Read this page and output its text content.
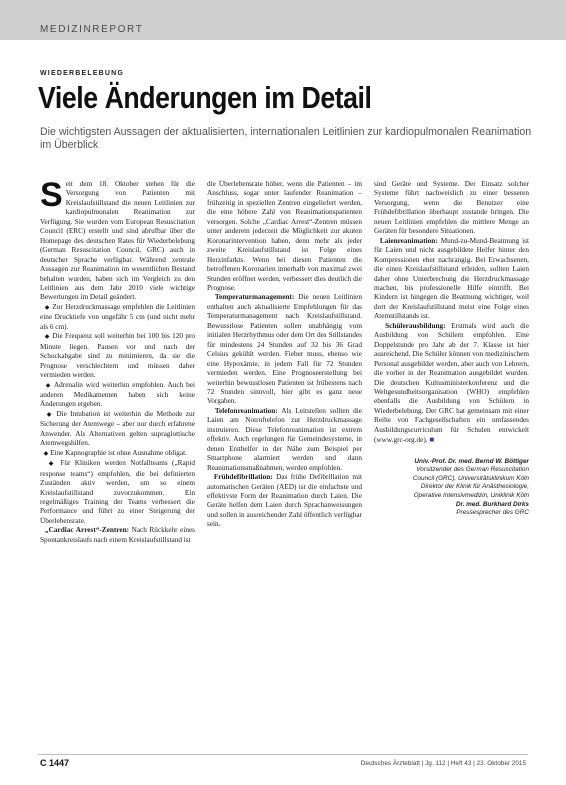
MEDIZINREPORT
WIEDERBELEBUNG
Viele Änderungen im Detail
Die wichtigsten Aussagen der aktualisierten, internationalen Leitlinien zur kardiopulmonalen Reanimation im Überblick

Seit dem 18. Oktober stehen für die Versorgung von Patienten mit Kreislaufstillstand die neuen Leitlinien zur kardiopulmonalen Reanimation zur Verfügung. Sie wurden vom European Resuscitation Council (ERC) erstellt und sind abrufbar über die Homepage des deutschen Rates für Wiederbelebung (German Resuscitation Council, GRC) auch in deutscher Sprache verfügbar. Während zentrale Aussagen zur Reanimation im wesentlichen Bestand behalten wurden, haben sich im Vergleich zu den Leitlinien aus dem Jahr 2010 viele wichtige Bewertungen im Detail geändert.

◆ Zur Herzdruckmassage empfehlen die Leitlinien eine Drucktiefe von ungefähr 5 cm (und nicht mehr als 6 cm).

◆ Die Frequenz soll weiterhin bei 100 bis 120 pro Minute liegen. Pausen vor und nach der Schockabgabe sind zu minimieren, da sie die Prognose verschlechtern und müssen daher vermieden werden.

◆ Adrenalin wird weiterhin empfohlen. Auch bei anderen Medikamenten haben sich keine Änderungen ergeben.

◆ Die Intubation ist weiterhin die Methode zur Sicherung der Atemwege – aber nur durch erfahrene Anwender. Als Alternativen gelten supraglottische Atemwegshilfen.

◆ Eine Kapnographie ist ohne Ausnahme obligat.

◆ Für Kliniken werden Notfallteams („Rapid response teams“) empfohlen, die bei definierten Zuständen aktiv werden, um so einem Kreislaufstillstand zuvorzukommen. Ein regelmäßiges Training der Teams verbessert die Performance und führt zu einer Steigerung der Überlebensrate.

„Cardiac Arrest“-Zentren: Nach Rückkehr eines Spontankreislaufs nach einem Kreislaufstillstand ist

die Überlebensrate höher, wenn die Patienten – im Anschluss, sogar unter laufender Reanimation – frühzeitig in speziellen Zentren eingeliefert werden, die eine höhere Zahl von Reanimationspatienten versorgen. Solche „Cardiac Arrest“-Zentren müssen unter anderem jederzeit die Möglichkeit zur akuten Koronarintervention haben, denn mehr als jeder zweite Kreislaufstillstand ist Folge eines Herzinfarkts. Wenn bei diesen Patienten die betroffenen Koronarien innerhalb von maximal zwei Stunden eröffnet werden, verbessert dies deutlich die Prognose.

Temperaturmanagement: Die neuen Leitlinien enthalten auch aktualisierte Empfehlungen für das Temperaturmanagement nach Kreislaufstillstand. Bewusstlose Patienten sollen unabhängig vom initialen Herzrhythmus oder dem Ort des Stillstandes für mindestens 24 Stunden auf 32 bis 36 Grad Celsius gekühlt werden. Fieber muss, ebenso wie eine Hypoxämie, in jedem Fall für 72 Stunden vermieden werden. Eine Prognoseerstellung bei weiterhin bewusstlosen Patienten ist frühestens nach 72 Stunden sinnvoll, hier gibt es ganz neue Vorgaben.

Telefonreanimation: Als Leitstellen sollten die Laien am Notruftelefon zur Herzdruckmassage instruieren. Diese Telefonreanimation ist extrem effektiv. Auch regelungen für Gemeindesysteme, in denen Ersthelfer in der Nähe zum Beispiel per Smartphone alarmiert werden und dann Reanimationsmaßnahmen, werden empfohlen.

Frühdefibrillation: Das frühe Defibrillation mit automatischen Geräten (AED) ist die einfachste und effektivste Form der Reanimation durch Laien. Die Geräte helfen dem Laien durch Sprachanweisungen und sollen in ausreichender Zahl öffentlich verfügbar sein.

sind Geräte und Systeme. Der Einsatz solcher Systeme führt nachweislich zu einer besseren Versorgung, wenn die Benutzer eine Frühdefibrillation überhaupt zustande bringen. Die neuen Leitlinien empfehlen die mittlere Menge an Geräten für besondere Situationen.

Laienreanimation: Mund-zu-Mund-Beatmung ist für Laien und nicht ausgebildete Helfer hinter den Kompressionen eher nachrangig. Bei Erwachsenen, die einen Kreislaufstillstand erleiden, sollten Laien daher ohne Unterbrechung die Herzdruckmassage machen, bis professionelle Hilfe eintrifft. Bei Kindern ist hingegen die Beatmung wichtiger, weil dort der Kreislaufstillstand meist eine Folge eines Atemstillstands ist.

Schülerausbildung: Erstmals wird auch die Ausbildung von Schülern empfohlen. Eine Doppelstunde pro Jahr ab der 7. Klasse ist hier ausreichend. Die Schüler können von medizinischem Personal ausgebildet werden, aber auch von Lehrern, die vorher in der Reanimation ausgebildet wurden. Die deutschen Kultusministerkonferenz und die Weltgesundheitsorganisation (WHO) empfehlen ebenfalls die Ausbildung von Schülern in Wiederbelebung. Der GRC hat gemeinsam mit einer Reihe von Fachgesellschaften ein umfassendes Ausbildungscurriculum für Schulen entwickelt (www.grc-org.de). ■

Univ.-Prof. Dr. med. Bernd W. Böttiger
Vorsitzender des German Resuscitation
Council (GRC), Universitätsklinikum Köln
Direktor der Klinik für Anästhesiologie,
Operative Intensivmedizin, Uniklinik Köln
Dr. med. Burkhard Dirks
Pressesprecher des GRC
C 1447	Deutsches Ärzteblatt | Jg. 112 | Heft 43 | 23. Oktober 2015
